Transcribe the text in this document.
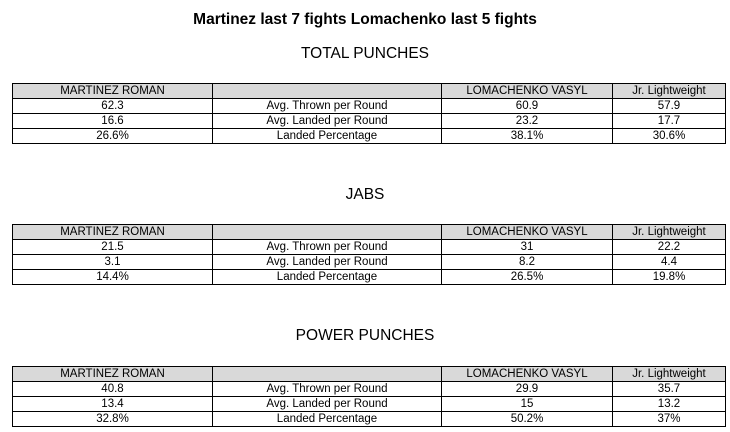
Martinez last 7 fights Lomachenko last 5 fights
TOTAL PUNCHES
MARTINEZ ROMAN		LOMACHENKO VASYL	Jr. Lightweight
62.3	Avg. Thrown per Round	60.9	57.9
16.6	Avg. Landed per Round	23.2	17.7
26.6%	Landed Percentage	38.1%	30.6%
JABS
MARTINEZ ROMAN		LOMACHENKO VASYL	Jr. Lightweight
21.5	Avg. Thrown per Round	31	22.2
3.1	Avg. Landed per Round	8.2	4.4
14.4%	Landed Percentage	26.5%	19.8%
POWER PUNCHES
MARTINEZ ROMAN		LOMACHENKO VASYL	Jr. Lightweight
40.8	Avg. Thrown per Round	29.9	35.7
13.4	Avg. Landed per Round	15	13.2
32.8%	Landed Percentage	50.2%	37%
